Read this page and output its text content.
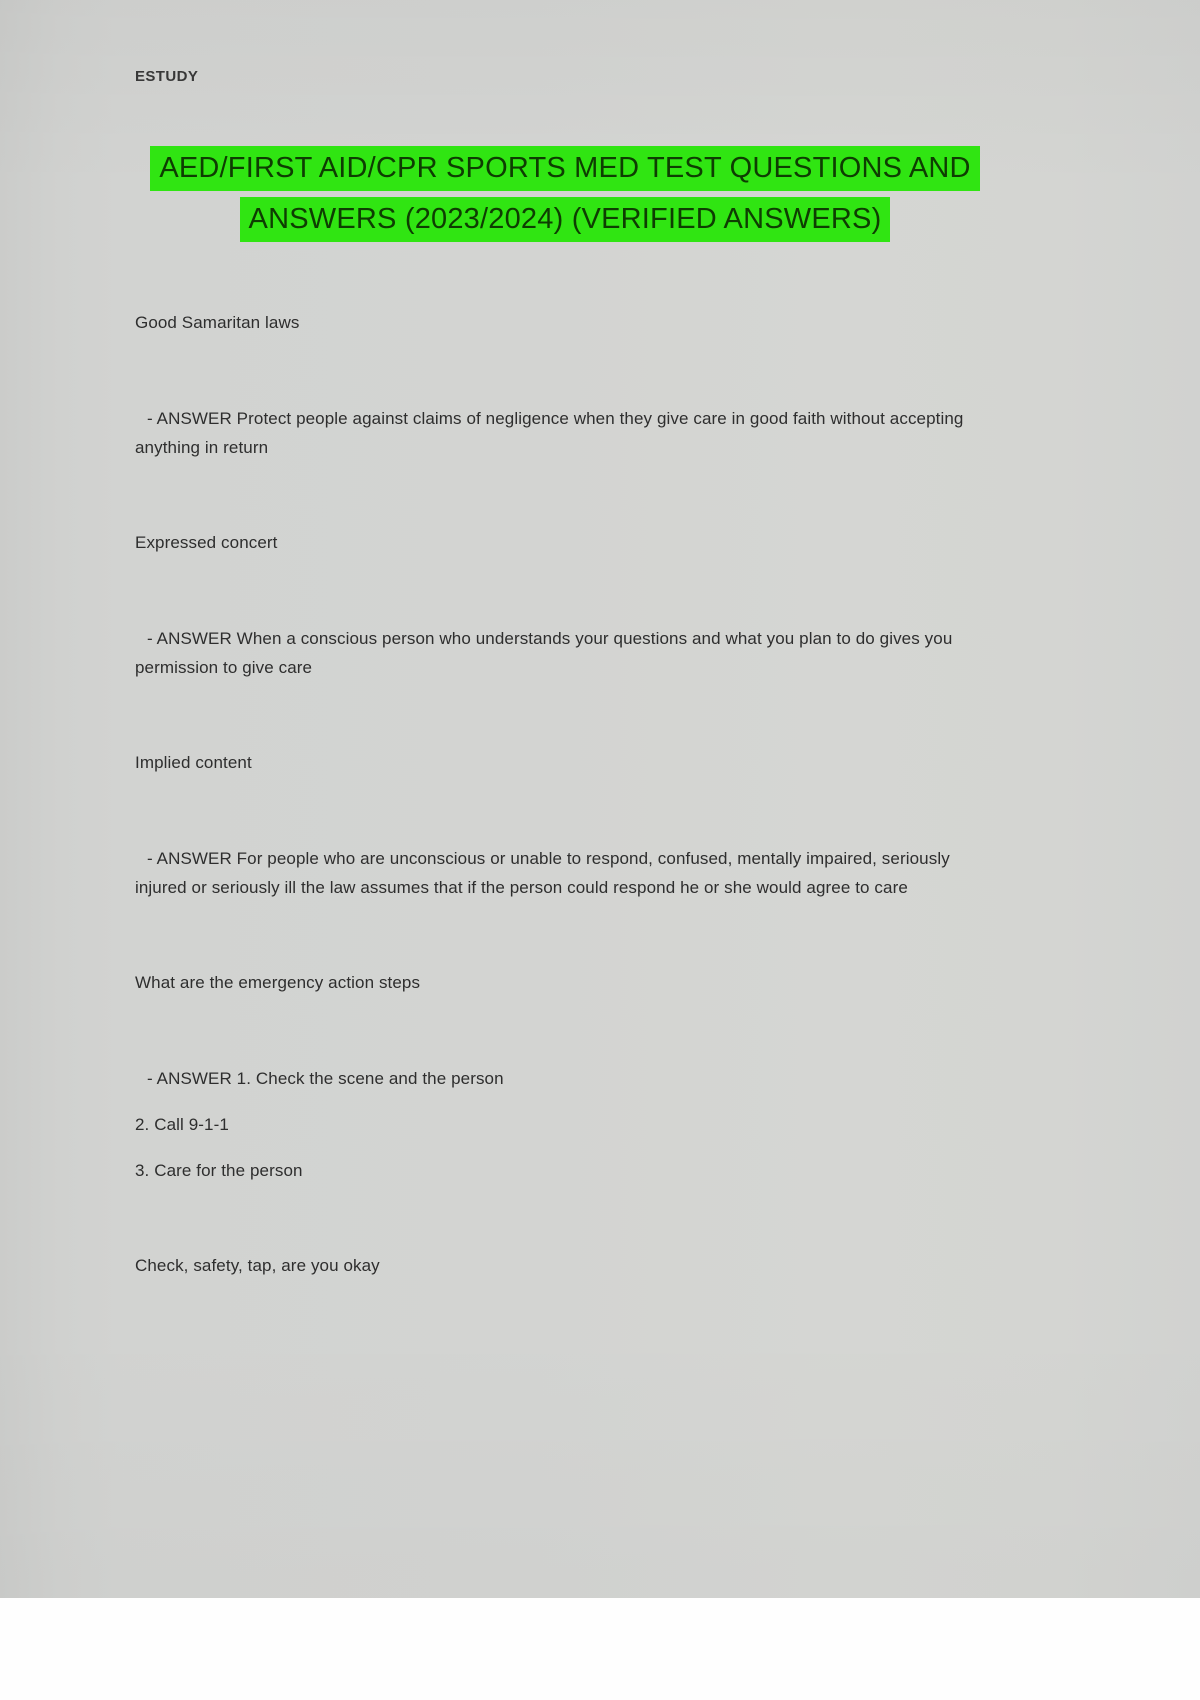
ESTUDY
AED/FIRST AID/CPR SPORTS MED TEST QUESTIONS AND
ANSWERS (2023/2024) (VERIFIED ANSWERS)

Good Samaritan laws

- ANSWER Protect people against claims of negligence when they give care in good faith without accepting anything in return

Expressed concert

- ANSWER When a conscious person who understands your questions and what you plan to do gives you permission to give care

Implied content

- ANSWER For people who are unconscious or unable to respond, confused, mentally impaired, seriously injured or seriously ill the law assumes that if the person could respond he or she would agree to care

What are the emergency action steps

- ANSWER 1. Check the scene and the person

2. Call 9-1-1

3. Care for the person

Check, safety, tap, are you okay
